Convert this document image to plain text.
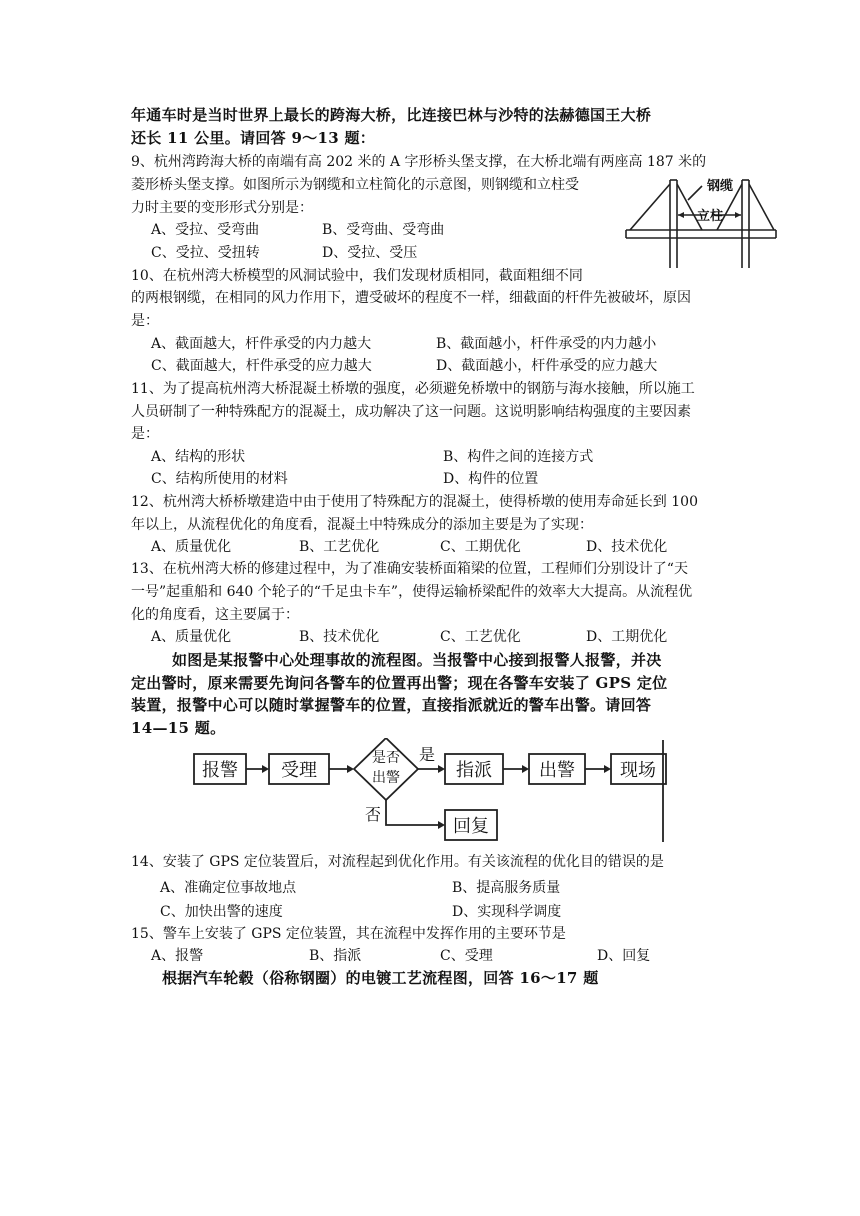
年通车时是当时世界上最长的跨海大桥，比连接巴林与沙特的法赫德国王大桥
还长 11 公里。请回答 9～13 题：
9、杭州湾跨海大桥的南端有高 202 米的 A 字形桥头堡支撑，在大桥北端有两座高 187 米的
菱形桥头堡支撑。如图所示为钢缆和立柱简化的示意图，则钢缆和立柱受
力时主要的变形形式分别是：
A、受拉、受弯曲	B、受弯曲、受弯曲
C、受拉、受扭转	D、受拉、受压
钢缆
立柱
10、在杭州湾大桥模型的风洞试验中，我们发现材质相同，截面粗细不同
的两根钢缆，在相同的风力作用下，遭受破坏的程度不一样，细截面的杆件先被破坏，原因
是：
A、截面越大，杆件承受的内力越大	B、截面越小，杆件承受的内力越小
C、截面越大，杆件承受的应力越大	D、截面越小，杆件承受的应力越大
11、为了提高杭州湾大桥混凝土桥墩的强度，必须避免桥墩中的钢筋与海水接触，所以施工
人员研制了一种特殊配方的混凝土，成功解决了这一问题。这说明影响结构强度的主要因素
是：
A、结构的形状	B、构件之间的连接方式
C、结构所使用的材料	D、构件的位置
12、杭州湾大桥桥墩建造中由于使用了特殊配方的混凝土，使得桥墩的使用寿命延长到 100
年以上，从流程优化的角度看，混凝土中特殊成分的添加主要是为了实现：
A、质量优化	B、工艺优化	C、工期优化	D、技术优化
13、在杭州湾大桥的修建过程中，为了准确安装桥面箱梁的位置，工程师们分别设计了“天
一号”起重船和 640 个轮子的“千足虫卡车”，使得运输桥梁配件的效率大大提高。从流程优
化的角度看，这主要属于：
A、质量优化	B、技术优化	C、工艺优化	D、工期优化
如图是某报警中心处理事故的流程图。当报警中心接到报警人报警，并决
定出警时，原来需要先询问各警车的位置再出警；现在各警车安装了 GPS 定位
装置，报警中心可以随时掌握警车的位置，直接指派就近的警车出警。请回答
14—15 题。
报警 受理
是否
出警
是
否
指派	出警	现场
回复
14、安装了 GPS 定位装置后，对流程起到优化作用。有关该流程的优化目的错误的是
A、准确定位事故地点	B、提高服务质量
C、加快出警的速度	D、实现科学调度
15、警车上安装了 GPS 定位装置，其在流程中发挥作用的主要环节是
A、报警	B、指派	C、受理	D、回复
根据汽车轮毂（俗称钢圈）的电镀工艺流程图，回答 16～17 题
